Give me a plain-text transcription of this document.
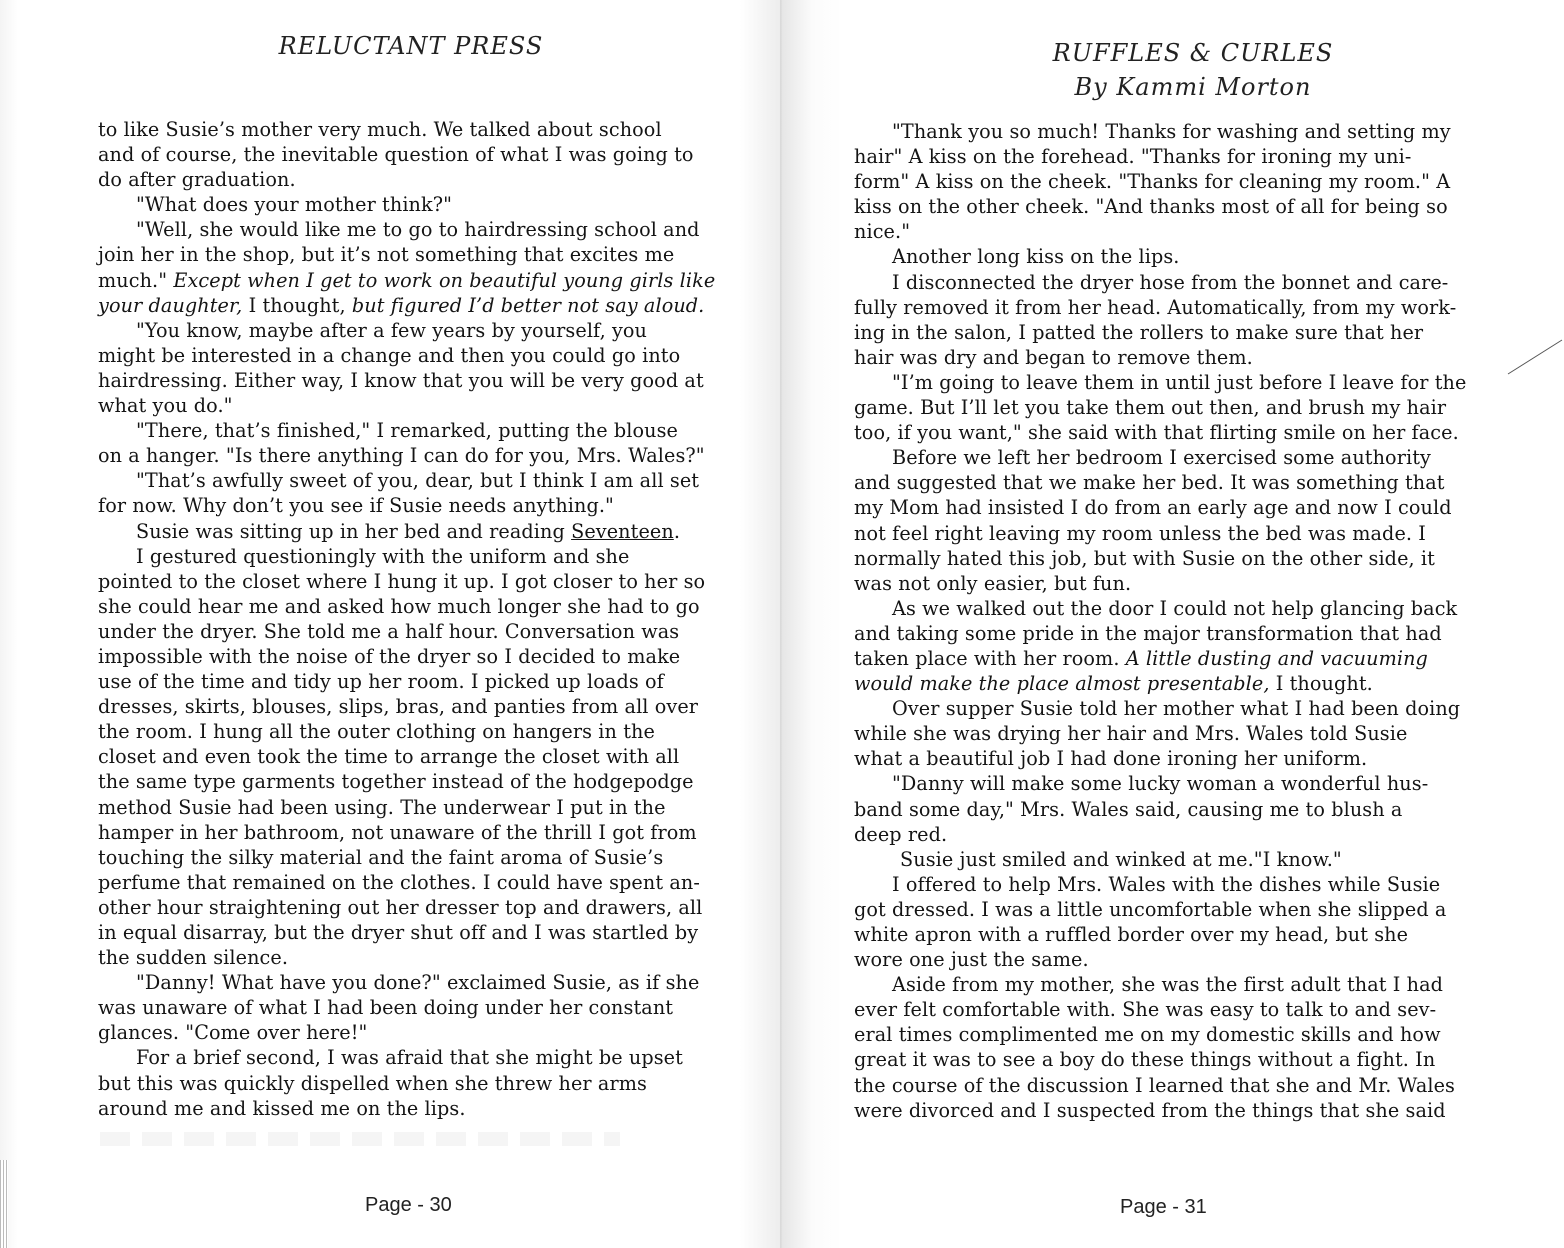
RELUCTANT PRESS
to like Susie’s mother very much. We talked about school
and of course, the inevitable question of what I was going to
do after graduation.
"What does your mother think?"
"Well, she would like me to go to hairdressing school and
join her in the shop, but it’s not something that excites me
much." Except when I get to work on beautiful young girls like
your daughter, I thought, but figured I’d better not say aloud.
"You know, maybe after a few years by yourself, you
might be interested in a change and then you could go into
hairdressing. Either way, I know that you will be very good at
what you do."
"There, that’s finished," I remarked, putting the blouse
on a hanger. "Is there anything I can do for you, Mrs. Wales?"
"That’s awfully sweet of you, dear, but I think I am all set
for now. Why don’t you see if Susie needs anything."
Susie was sitting up in her bed and reading Seventeen.
I gestured questioningly with the uniform and she
pointed to the closet where I hung it up. I got closer to her so
she could hear me and asked how much longer she had to go
under the dryer. She told me a half hour. Conversation was
impossible with the noise of the dryer so I decided to make
use of the time and tidy up her room. I picked up loads of
dresses, skirts, blouses, slips, bras, and panties from all over
the room. I hung all the outer clothing on hangers in the
closet and even took the time to arrange the closet with all
the same type garments together instead of the hodgepodge
method Susie had been using. The underwear I put in the
hamper in her bathroom, not unaware of the thrill I got from
touching the silky material and the faint aroma of Susie’s
perfume that remained on the clothes. I could have spent an-
other hour straightening out her dresser top and drawers, all
in equal disarray, but the dryer shut off and I was startled by
the sudden silence.
"Danny! What have you done?" exclaimed Susie, as if she
was unaware of what I had been doing under her constant
glances. "Come over here!"
For a brief second, I was afraid that she might be upset
but this was quickly dispelled when she threw her arms
around me and kissed me on the lips.
Page - 30
RUFFLES & CURLES
By Kammi Morton
"Thank you so much! Thanks for washing and setting my
hair" A kiss on the forehead. "Thanks for ironing my uni-
form" A kiss on the cheek. "Thanks for cleaning my room." A
kiss on the other cheek. "And thanks most of all for being so
nice."
Another long kiss on the lips.
I disconnected the dryer hose from the bonnet and care-
fully removed it from her head. Automatically, from my work-
ing in the salon, I patted the rollers to make sure that her
hair was dry and began to remove them.
"I’m going to leave them in until just before I leave for the
game. But I’ll let you take them out then, and brush my hair
too, if you want," she said with that flirting smile on her face.
Before we left her bedroom I exercised some authority
and suggested that we make her bed. It was something that
my Mom had insisted I do from an early age and now I could
not feel right leaving my room unless the bed was made. I
normally hated this job, but with Susie on the other side, it
was not only easier, but fun.
As we walked out the door I could not help glancing back
and taking some pride in the major transformation that had
taken place with her room. A little dusting and vacuuming
would make the place almost presentable, I thought.
Over supper Susie told her mother what I had been doing
while she was drying her hair and Mrs. Wales told Susie
what a beautiful job I had done ironing her uniform.
"Danny will make some lucky woman a wonderful hus-
band some day," Mrs. Wales said, causing me to blush a
deep red.
Susie just smiled and winked at me."I know."
I offered to help Mrs. Wales with the dishes while Susie
got dressed. I was a little uncomfortable when she slipped a
white apron with a ruffled border over my head, but she
wore one just the same.
Aside from my mother, she was the first adult that I had
ever felt comfortable with. She was easy to talk to and sev-
eral times complimented me on my domestic skills and how
great it was to see a boy do these things without a fight. In
the course of the discussion I learned that she and Mr. Wales
were divorced and I suspected from the things that she said
Page - 31
